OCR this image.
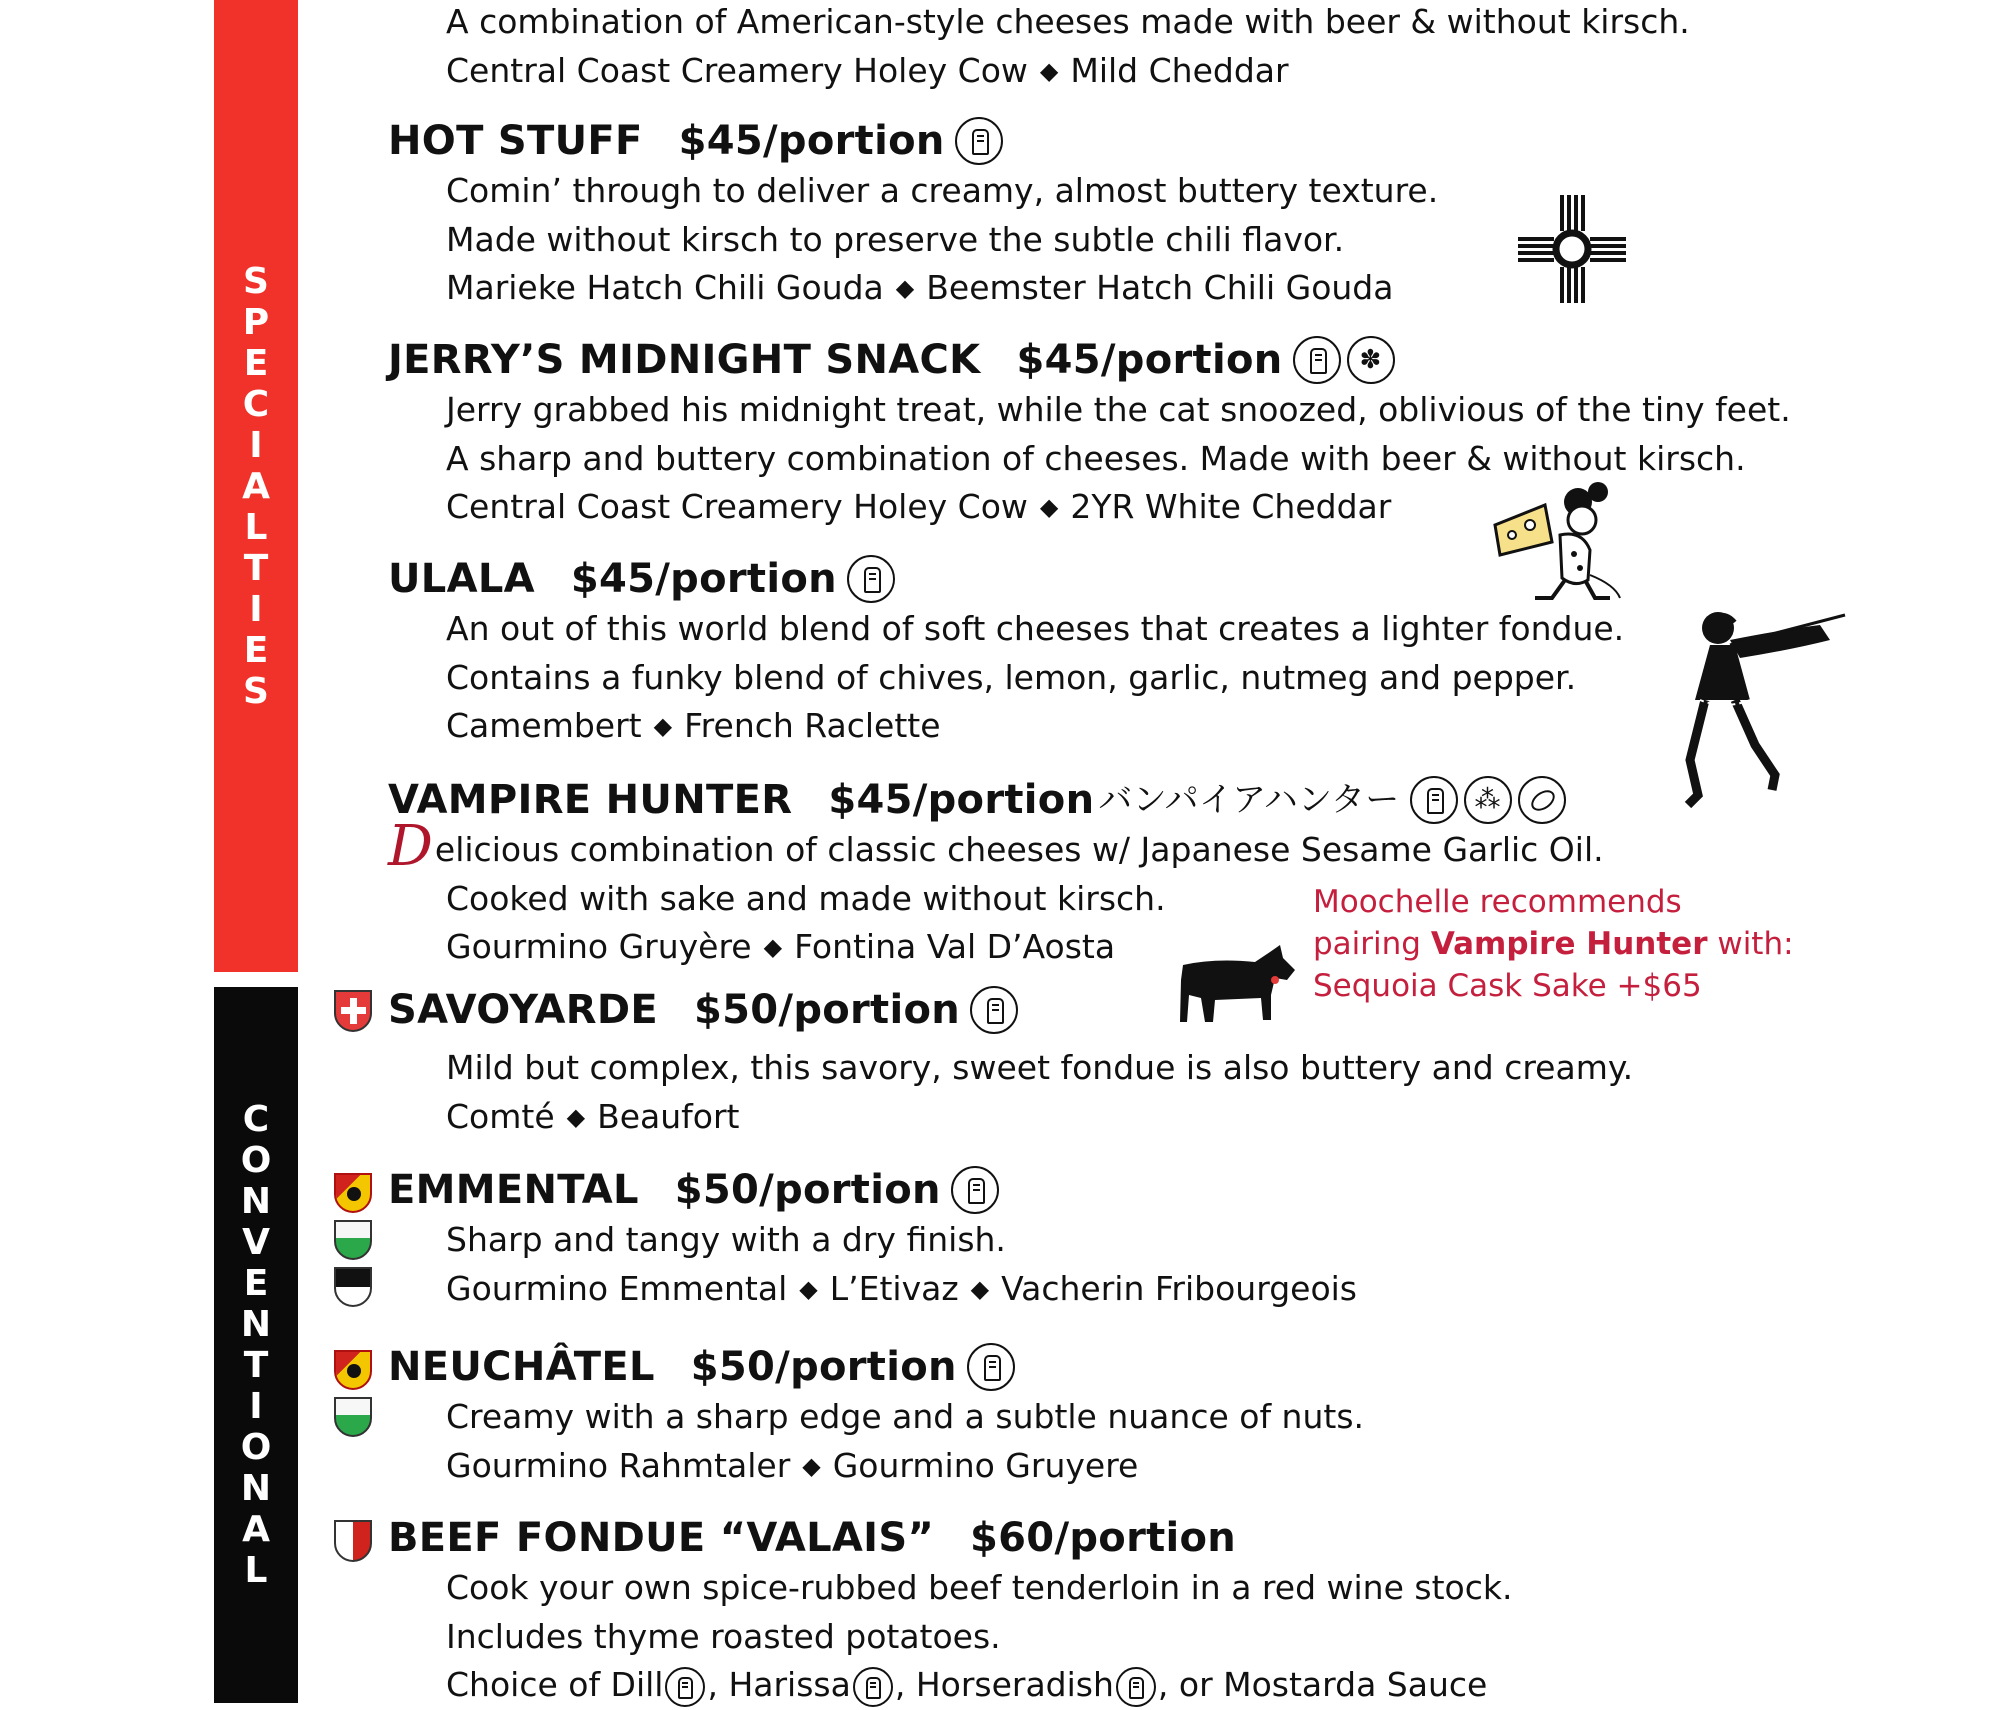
S
P
E
C
I
A
L
T
I
E
S
C
O
N
V
E
N
T
I
O
N
A
L
A combination of American-style cheeses made with beer & without kirsch.
Central Coast Creamery Holey Cow ◆ Mild Cheddar
HOT STUFF $45/portion
Comin’ through to deliver a creamy, almost buttery texture.
Made without kirsch to preserve the subtle chili flavor.
Marieke Hatch Chili Gouda ◆ Beemster Hatch Chili Gouda
JERRY’S MIDNIGHT SNACK $45/portion
✽
Jerry grabbed his midnight treat, while the cat snoozed, oblivious of the tiny feet.
A sharp and buttery combination of cheeses. Made with beer & without kirsch.
Central Coast Creamery Holey Cow ◆ 2YR White Cheddar
ULALA $45/portion
An out of this world blend of soft cheeses that creates a lighter fondue.
Contains a funky blend of chives, lemon, garlic, nutmeg and pepper.
Camembert ◆ French Raclette
VAMPIRE HUNTER $45/portion バンパイアハンター
⁂
Delicious combination of classic cheeses w/ Japanese Sesame Garlic Oil.
Cooked with sake and made without kirsch.
Gourmino Gruyère ◆ Fontina Val D’Aosta
Moochelle recommends
pairing Vampire Hunter with:
Sequoia Cask Sake +$65
SAVOYARDE $50/portion
Mild but complex, this savory, sweet fondue is also buttery and creamy.
Comté ◆ Beaufort
EMMENTAL $50/portion
Sharp and tangy with a dry finish.
Gourmino Emmental ◆ L’Etivaz ◆ Vacherin Fribourgeois
NEUCHÂTEL $50/portion
Creamy with a sharp edge and a subtle nuance of nuts.
Gourmino Rahmtaler ◆ Gourmino Gruyere
BEEF FONDUE “VALAIS” $60/portion
Cook your own spice-rubbed beef tenderloin in a red wine stock.
Includes thyme roasted potatoes.
Choice of Dill , Harissa , Horseradish , or Mostarda Sauce
